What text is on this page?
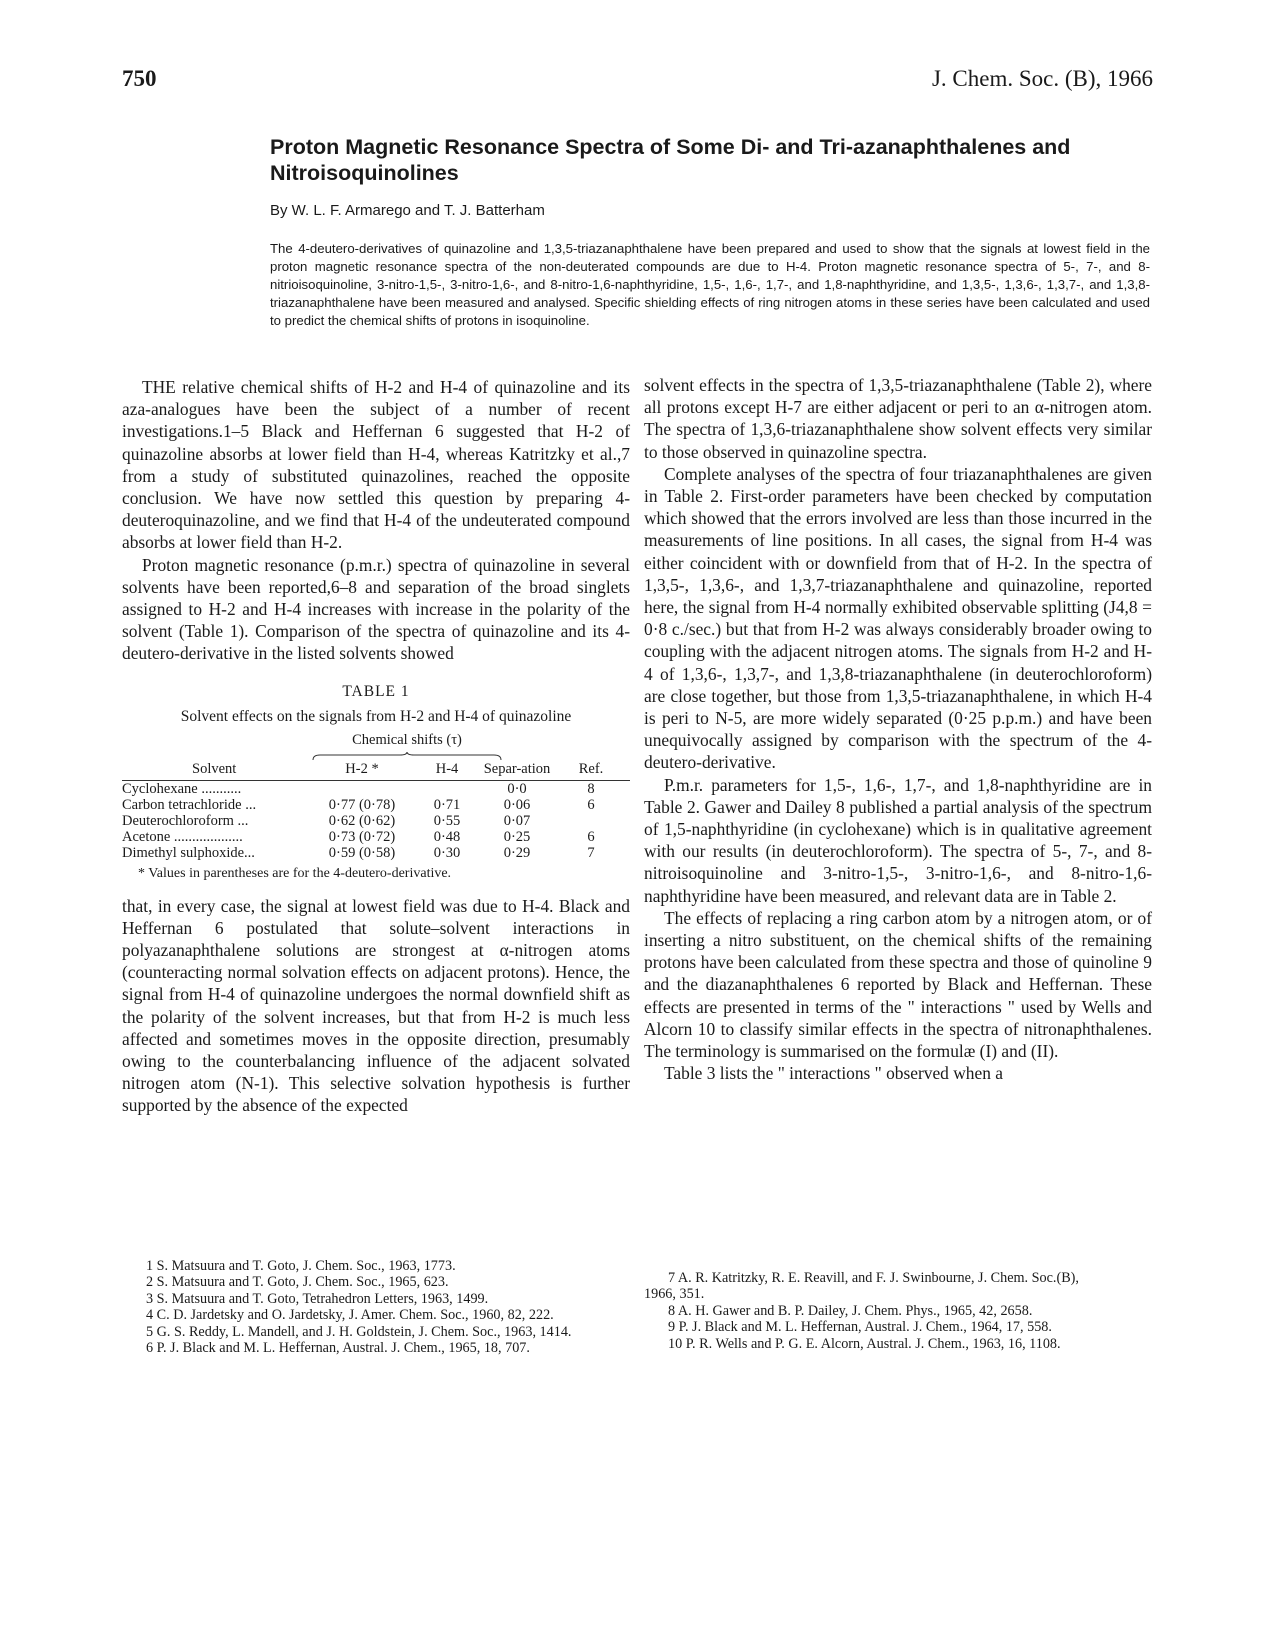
750	J. Chem. Soc. (B), 1966
Proton Magnetic Resonance Spectra of Some Di- and Tri-azanaphthalenes and Nitroisoquinolines
By W. L. F. Armarego and T. J. Batterham

The 4-deutero-derivatives of quinazoline and 1,3,5-triazanaphthalene have been prepared and used to show that the signals at lowest field in the proton magnetic resonance spectra of the non-deuterated compounds are due to H-4. Proton magnetic resonance spectra of 5-, 7-, and 8-nitrioisoquinoline, 3-nitro-1,5-, 3-nitro-1,6-, and 8-nitro-1,6-naphthyridine, 1,5-, 1,6-, 1,7-, and 1,8-naphthyridine, and 1,3,5-, 1,3,6-, 1,3,7-, and 1,3,8-triazanaphthalene have been measured and analysed. Specific shielding effects of ring nitrogen atoms in these series have been calculated and used to predict the chemical shifts of protons in isoquinoline.

THE relative chemical shifts of H-2 and H-4 of quinazoline and its aza-analogues have been the subject of a number of recent investigations.1–5 Black and Heffernan 6 suggested that H-2 of quinazoline absorbs at lower field than H-4, whereas Katritzky et al.,7 from a study of substituted quinazolines, reached the opposite conclusion. We have now settled this question by preparing 4-deuteroquinazoline, and we find that H-4 of the undeuterated compound absorbs at lower field than H-2.

Proton magnetic resonance (p.m.r.) spectra of quinazoline in several solvents have been reported,6–8 and separation of the broad singlets assigned to H-2 and H-4 increases with increase in the polarity of the solvent (Table 1). Comparison of the spectra of quinazoline and its 4-deutero-derivative in the listed solvents showed

TABLE 1
Solvent effects on the signals from H-2 and H-4 of quinazoline
Chemical shifts (τ)
Solvent	H-2 *	H-4	Separ-ation	Ref.
Cyclohexane ...........			0·0	8
Carbon tetrachloride ...	0·77 (0·78)	0·71	0·06	6
Deuterochloroform ...	0·62 (0·62)	0·55	0·07	
Acetone ...................	0·73 (0·72)	0·48	0·25	6
Dimethyl sulphoxide...	0·59 (0·58)	0·30	0·29	7
* Values in parentheses are for the 4-deutero-derivative.

that, in every case, the signal at lowest field was due to H-4. Black and Heffernan 6 postulated that solute–solvent interactions in polyazanaphthalene solutions are strongest at α-nitrogen atoms (counteracting normal solvation effects on adjacent protons). Hence, the signal from H-4 of quinazoline undergoes the normal downfield shift as the polarity of the solvent increases, but that from H-2 is much less affected and sometimes moves in the opposite direction, presumably owing to the counterbalancing influence of the adjacent solvated nitrogen atom (N-1). This selective solvation hypothesis is further supported by the absence of the expected

solvent effects in the spectra of 1,3,5-triazanaphthalene (Table 2), where all protons except H-7 are either adjacent or peri to an α-nitrogen atom. The spectra of 1,3,6-triazanaphthalene show solvent effects very similar to those observed in quinazoline spectra.

Complete analyses of the spectra of four triazanaphthalenes are given in Table 2. First-order parameters have been checked by computation which showed that the errors involved are less than those incurred in the measurements of line positions. In all cases, the signal from H-4 was either coincident with or downfield from that of H-2. In the spectra of 1,3,5-, 1,3,6-, and 1,3,7-triazanaphthalene and quinazoline, reported here, the signal from H-4 normally exhibited observable splitting (J4,8 = 0·8 c./sec.) but that from H-2 was always considerably broader owing to coupling with the adjacent nitrogen atoms. The signals from H-2 and H-4 of 1,3,6-, 1,3,7-, and 1,3,8-triazanaphthalene (in deuterochloroform) are close together, but those from 1,3,5-triazanaphthalene, in which H-4 is peri to N-5, are more widely separated (0·25 p.p.m.) and have been unequivocally assigned by comparison with the spectrum of the 4-deutero-derivative.

P.m.r. parameters for 1,5-, 1,6-, 1,7-, and 1,8-naphthyridine are in Table 2. Gawer and Dailey 8 published a partial analysis of the spectrum of 1,5-naphthyridine (in cyclohexane) which is in qualitative agreement with our results (in deuterochloroform). The spectra of 5-, 7-, and 8-nitroisoquinoline and 3-nitro-1,5-, 3-nitro-1,6-, and 8-nitro-1,6-naphthyridine have been measured, and relevant data are in Table 2.

The effects of replacing a ring carbon atom by a nitrogen atom, or of inserting a nitro substituent, on the chemical shifts of the remaining protons have been calculated from these spectra and those of quinoline 9 and the diazanaphthalenes 6 reported by Black and Heffernan. These effects are presented in terms of the " interactions " used by Wells and Alcorn 10 to classify similar effects in the spectra of nitronaphthalenes. The terminology is summarised on the formulæ (I) and (II).

Table 3 lists the " interactions " observed when a

1 S. Matsuura and T. Goto, J. Chem. Soc., 1963, 1773.

2 S. Matsuura and T. Goto, J. Chem. Soc., 1965, 623.

3 S. Matsuura and T. Goto, Tetrahedron Letters, 1963, 1499.

4 C. D. Jardetsky and O. Jardetsky, J. Amer. Chem. Soc., 1960, 82, 222.

5 G. S. Reddy, L. Mandell, and J. H. Goldstein, J. Chem. Soc., 1963, 1414.

6 P. J. Black and M. L. Heffernan, Austral. J. Chem., 1965, 18, 707.

7 A. R. Katritzky, R. E. Reavill, and F. J. Swinbourne, J. Chem. Soc.(B), 1966, 351.

8 A. H. Gawer and B. P. Dailey, J. Chem. Phys., 1965, 42, 2658.

9 P. J. Black and M. L. Heffernan, Austral. J. Chem., 1964, 17, 558.

10 P. R. Wells and P. G. E. Alcorn, Austral. J. Chem., 1963, 16, 1108.
